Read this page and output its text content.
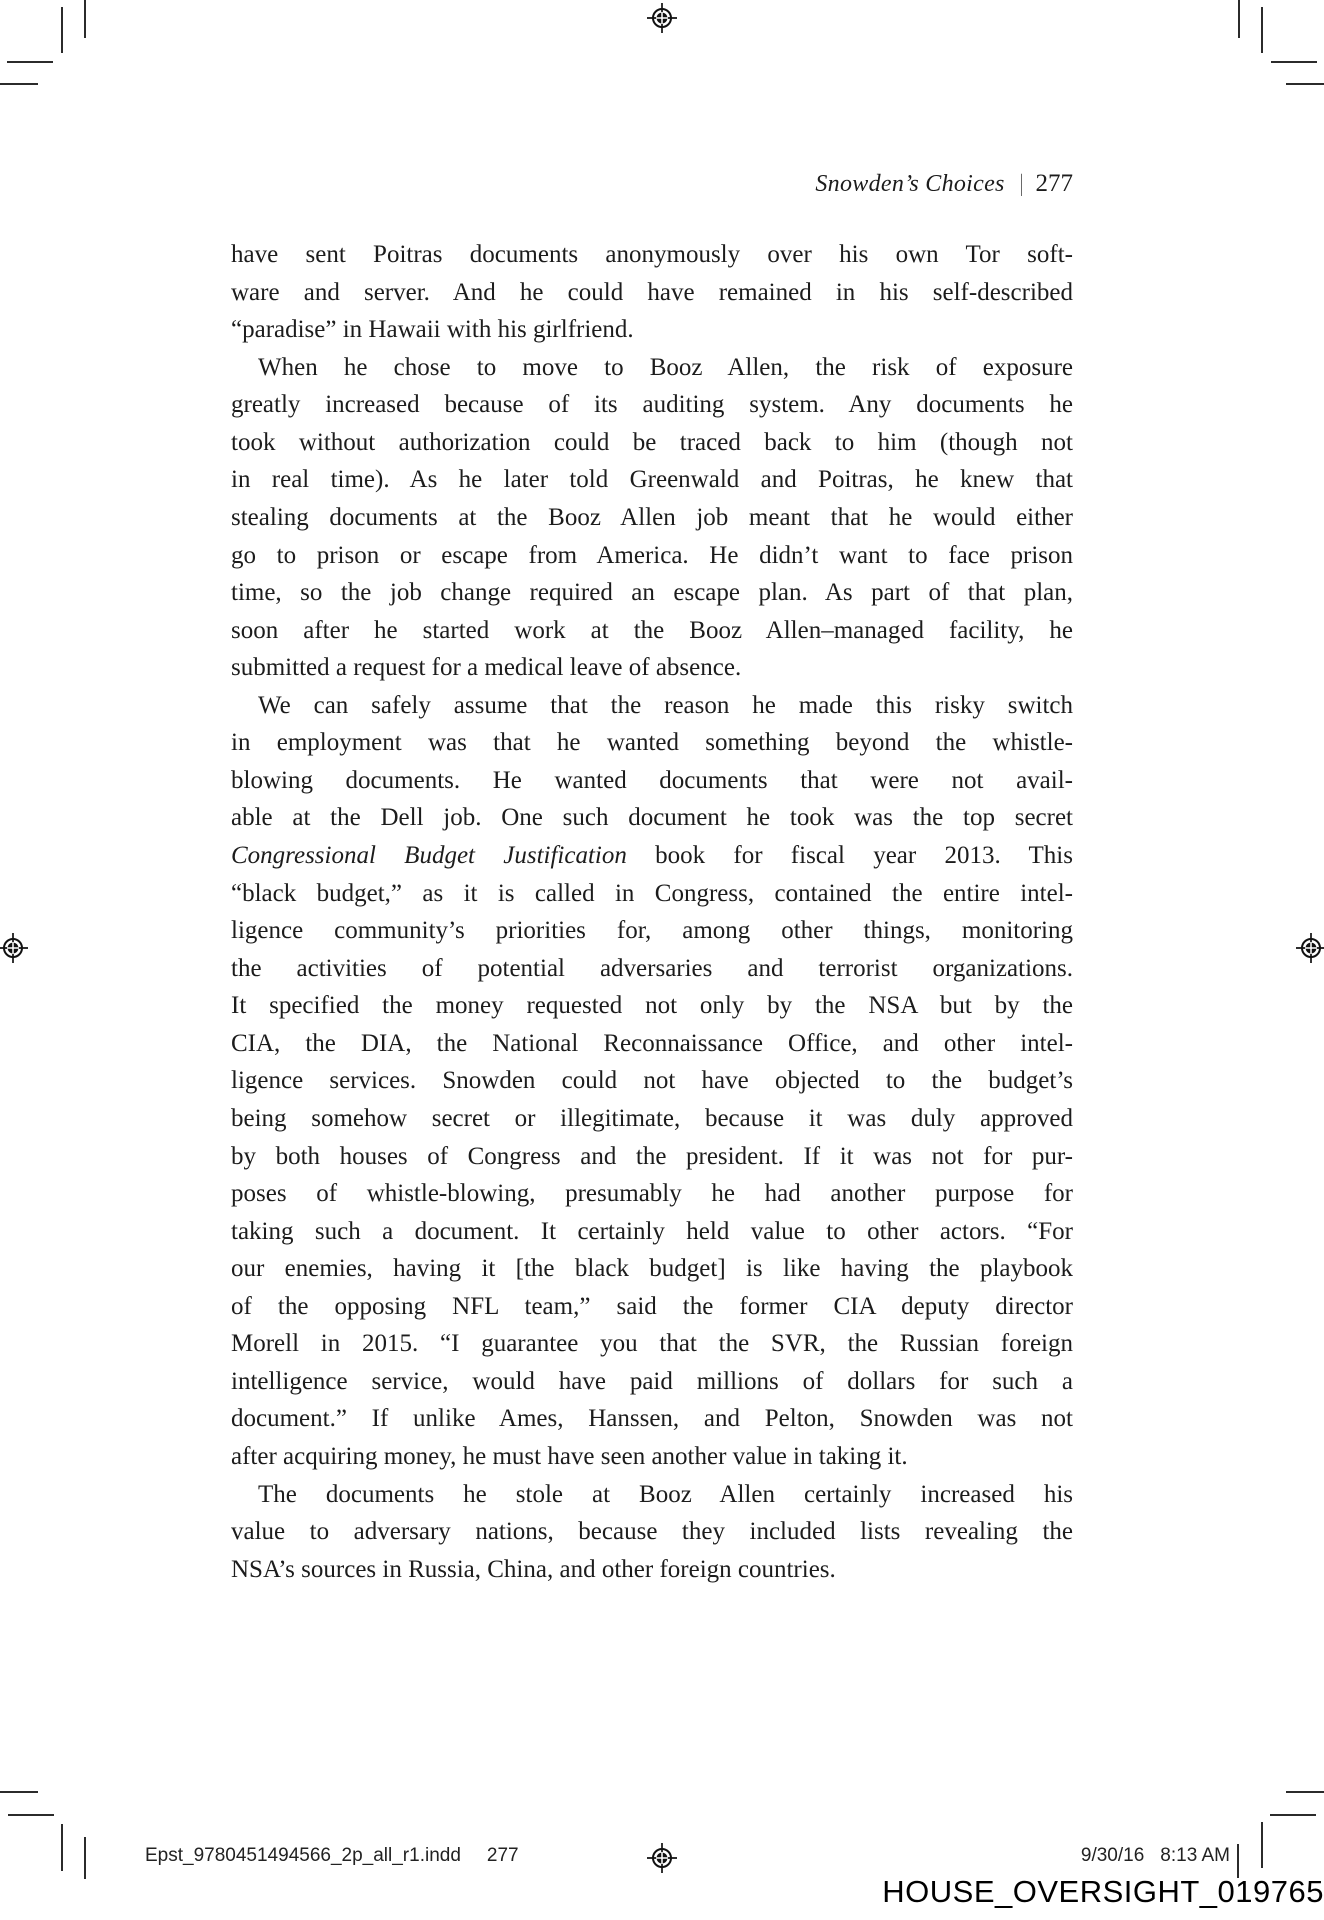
Snowden’s Choices | 277
have sent Poitras documents anonymously over his own Tor soft-
ware and server. And he could have remained in his self-described
“paradise” in Hawaii with his girlfriend.
When he chose to move to Booz Allen, the risk of exposure
greatly increased because of its auditing system. Any documents he
took without authorization could be traced back to him (though not
in real time). As he later told Greenwald and Poitras, he knew that
stealing documents at the Booz Allen job meant that he would either
go to prison or escape from America. He didn’t want to face prison
time, so the job change required an escape plan. As part of that plan,
soon after he started work at the Booz Allen–managed facility, he
submitted a request for a medical leave of absence.
We can safely assume that the reason he made this risky switch
in employment was that he wanted something beyond the whistle-
blowing documents. He wanted documents that were not avail-
able at the Dell job. One such document he took was the top secret
Congressional Budget Justification book for fiscal year 2013. This
“black budget,” as it is called in Congress, contained the entire intel-
ligence community’s priorities for, among other things, monitoring
the activities of potential adversaries and terrorist organizations.
It specified the money requested not only by the NSA but by the
CIA, the DIA, the National Reconnaissance Office, and other intel-
ligence services. Snowden could not have objected to the budget’s
being somehow secret or illegitimate, because it was duly approved
by both houses of Congress and the president. If it was not for pur-
poses of whistle-blowing, presumably he had another purpose for
taking such a document. It certainly held value to other actors. “For
our enemies, having it [the black budget] is like having the playbook
of the opposing NFL team,” said the former CIA deputy director
Morell in 2015. “I guarantee you that the SVR, the Russian foreign
intelligence service, would have paid millions of dollars for such a
document.” If unlike Ames, Hanssen, and Pelton, Snowden was not
after acquiring money, he must have seen another value in taking it.
The documents he stole at Booz Allen certainly increased his
value to adversary nations, because they included lists revealing the
NSA’s sources in Russia, China, and other foreign countries.
Epst_9780451494566_2p_all_r1.indd 277	9/30/16 8:13 AM
HOUSE_OVERSIGHT_019765
